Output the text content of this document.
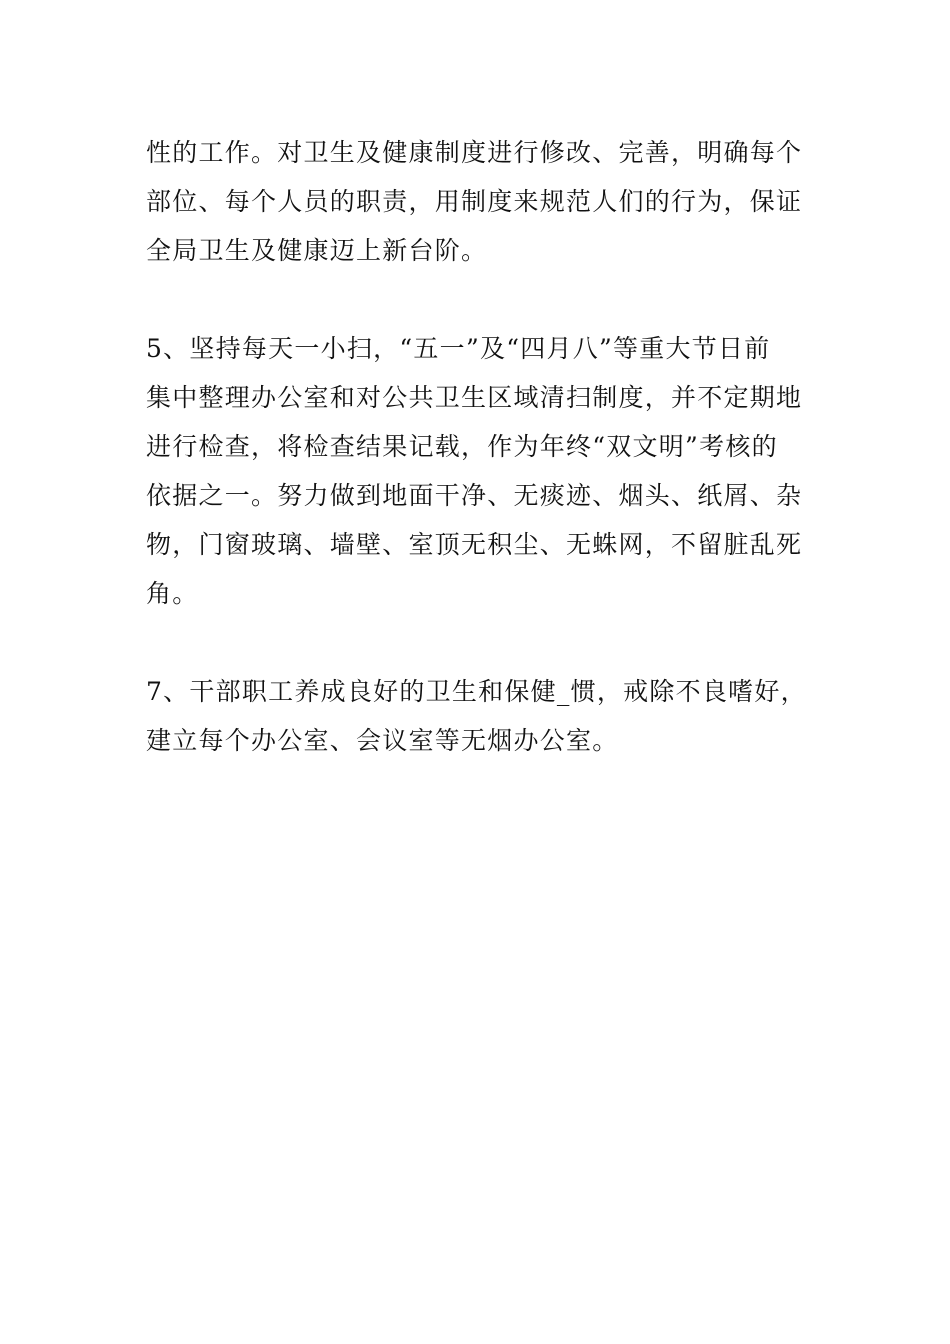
性的工作。对卫生及健康制度进行修改、完善，明确每个
部位、每个人员的职责，用制度来规范人们的行为，保证
全局卫生及健康迈上新台阶。
5、坚持每天一小扫，“五一”及“四月八”等重大节日前
集中整理办公室和对公共卫生区域清扫制度，并不定期地
进行检查，将检查结果记载，作为年终“双文明”考核的
依据之一。努力做到地面干净、无痰迹、烟头、纸屑、杂
物，门窗玻璃、墙壁、室顶无积尘、无蛛网，不留脏乱死
角。
7、干部职工养成良好的卫生和保健_惯，戒除不良嗜好，
建立每个办公室、会议室等无烟办公室。
